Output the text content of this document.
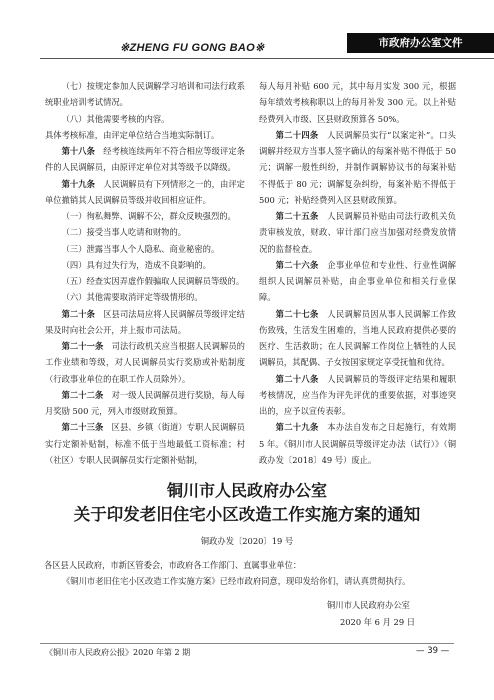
※ZHENG FU GONG BAO※	市政府办公室文件

（七）按规定参加人民调解学习培训和司法行政系统职业培训考试情况。

（八）其他需要考核的内容。

具体考核标准，由评定单位结合当地实际制订。

第十八条　 经考核连续两年不符合相应等级评定条件的人民调解员，由原评定单位对其等级予以降级。

第十九条　 人民调解员有下列情形之一的，由评定单位撤销其人民调解员等级并收回相应证件。

（一）徇私舞弊、调解不公，群众反映强烈的。

（二）接受当事人吃请和财物的。

（三）泄露当事人个人隐私、商业秘密的。

（四）具有过失行为，造成不良影响的。

（五）经查实因弄虚作假骗取人民调解员等级的。

（六）其他需要取消评定等级情形的。

第二十条　 区县司法局应将人民调解员等级评定结果及时向社会公开，并上报市司法局。

第二十一条　 司法行政机关应当根据人民调解员的工作业绩和等级，对人民调解员实行奖励或补贴制度（行政事业单位的在职工作人员除外）。

第二十二条　 对一级人民调解员进行奖励，每人每月奖励 500 元，列入市级财政预算。

第二十三条　 区县、乡镇（街道）专职人民调解员实行定额补贴制，标准不低于当地最低工资标准；村（社区）专职人民调解员实行定额补贴制，

每人每月补贴 600 元，其中每月实发 300 元，根据每年绩效考核称职以上的每月补发 300 元。以上补贴经费列入市级、区县财政预算各 50%。

第二十四条　 人民调解员实行“以案定补”。口头调解并经双方当事人签字确认的每案补贴不得低于 50 元；调解一般性纠纷，并制作调解协议书的每案补贴不得低于 80 元；调解复杂纠纷，每案补贴不得低于 500 元；补贴经费列入区县财政预算。

第二十五条　 人民调解员补贴由司法行政机关负责审核发放，财政、审计部门应当加强对经费发放情况的监督检查。

第二十六条　 企事业单位和专业性、行业性调解组织人民调解员补贴，由企事业单位和相关行业保障。

第二十七条　 人民调解员因从事人民调解工作致伤致残，生活发生困难的，当地人民政府提供必要的医疗、生活救助；在人民调解工作岗位上牺牲的人民调解员，其配偶、子女按国家规定享受抚恤和优待。

第二十八条　 人民调解员的等级评定结果和履职考核情况，应当作为评先评优的重要依据，对事迹突出的，应予以宣传表彰。

第二十九条　 本办法自发布之日起施行，有效期 5 年。《铜川市人民调解员等级评定办法（试行）》（铜政办发〔2018〕49 号）废止。

铜川市人民政府办公室
关于印发老旧住宅小区改造工作实施方案的通知
铜政办发〔2020〕19 号
各区县人民政府，市新区管委会，市政府各工作部门、直属事业单位：
《铜川市老旧住宅小区改造工作实施方案》已经市政府同意，现印发给你们，请认真贯彻执行。
铜川市人民政府办公室
2020 年 6 月 29 日
《铜川市人民政府公报》2020 年第 2 期	— 39 —
